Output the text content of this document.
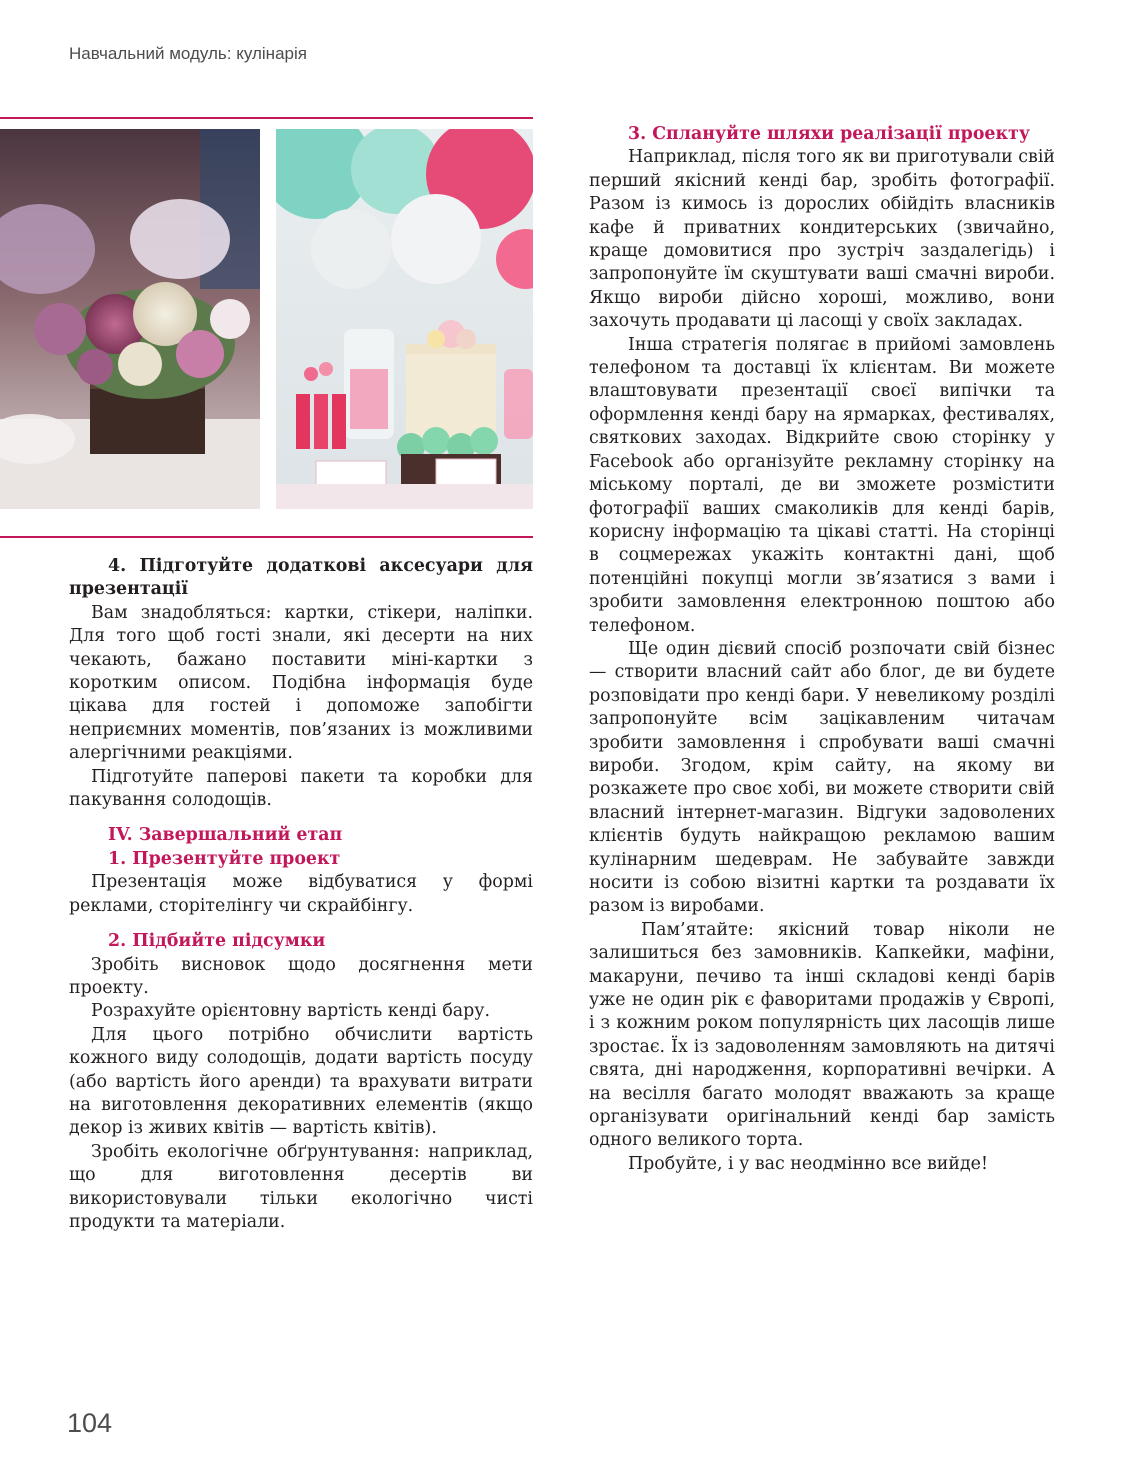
Навчальний модуль: кулінарія
4. Підготуйте додаткові аксесуари для презентації

Вам знадобляться: картки, стікери, наліпки. Для того щоб гості знали, які десерти на них чекають, бажано поставити міні-картки з коротким описом. Подібна інформація буде цікава для гостей і допоможе запобігти неприємних моментів, пов’язаних із можливими алергічними реакціями.

Підготуйте паперові пакети та коробки для пакування солодощів.

IV. Завершальний етап
1. Презентуйте проект

Презентація може відбуватися у формі реклами, сторітелінгу чи скрайбінгу.

2. Підбийте підсумки

Зробіть висновок щодо досягнення мети проекту.

Розрахуйте орієнтовну вартість кенді бару.

Для цього потрібно обчислити вартість кожного виду солодощів, додати вартість посуду (або вартість його аренди) та врахувати витрати на виготовлення декоративних елементів (якщо декор із живих квітів — вартість квітів).

Зробіть екологічне обґрунтування: наприклад, що для виготовлення десертів ви використовували тільки екологічно чисті продукти та матеріали.

3. Сплануйте шляхи реалізації проекту

Наприклад, після того як ви приготували свій перший якісний кенді бар, зробіть фотографії. Разом із кимось із дорослих обійдіть власників кафе й приватних кондитерських (звичайно, краще домовитися про зустріч заздалегідь) і запропонуйте їм скуштувати ваші смачні вироби. Якщо вироби дійсно хороші, можливо, вони захочуть продавати ці ласощі у своїх закладах.

Інша стратегія полягає в прийомі замовлень телефоном та доставці їх клієнтам. Ви можете влаштовувати презентації своєї випічки та оформлення кенді бару на ярмарках, фестивалях, святкових заходах. Відкрийте свою сторінку у Facebook або організуйте рекламну сторінку на міському порталі, де ви зможете розмістити фотографії ваших смаколиків для кенді барів, корисну інформацію та цікаві статті. На сторінці в соцмережах укажіть контактні дані, щоб потенційні покупці могли зв’язатися з вами і зробити замовлення електронною поштою або телефоном.

Ще один дієвий спосіб розпочати свій бізнес — створити власний сайт або блог, де ви будете розповідати про кенді бари. У невеликому розділі запропонуйте всім зацікавленим читачам зробити замовлення і спробувати ваші смачні вироби. Згодом, крім сайту, на якому ви розкажете про своє хобі, ви можете створити свій власний інтернет-магазин. Відгуки задоволених клієнтів будуть найкращою рекламою вашим кулінарним шедеврам. Не забувайте завжди носити із собою візитні картки та роздавати їх разом із виробами.

Пам’ятайте: якісний товар ніколи не залишиться без замовників. Капкейки, мафіни, макаруни, печиво та інші складові кенді барів уже не один рік є фаворитами продажів у Європі, і з кожним роком популярність цих ласощів лише зростає. Їх із задоволенням замовляють на дитячі свята, дні народження, корпоративні вечірки. А на весілля багато молодят вважають за краще організувати оригінальний кенді бар замість одного великого торта.

Пробуйте, і у вас неодмінно все вийде!

104
